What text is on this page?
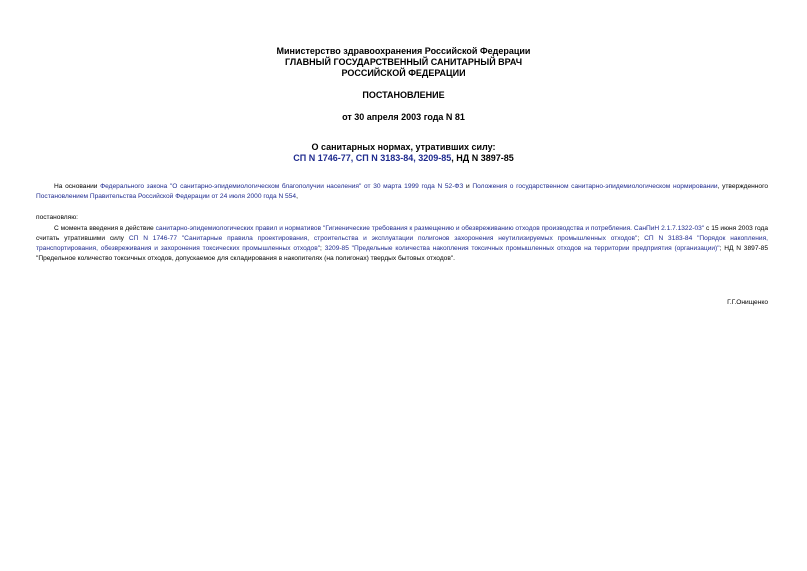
Министерство здравоохранения Российской Федерации
ГЛАВНЫЙ ГОСУДАРСТВЕННЫЙ САНИТАРНЫЙ ВРАЧ
РОССИЙСКОЙ ФЕДЕРАЦИИ
ПОСТАНОВЛЕНИЕ
от 30 апреля 2003 года N 81
О санитарных нормах, утративших силу:
СП N 1746-77, СП N 3183-84, 3209-85, НД N 3897-85
На основании Федерального закона "О санитарно-эпидемиологическом благополучии населения" от 30 марта 1999 года N 52-ФЗ и Положения о государственном санитарно-эпидемиологическом нормировании, утвержденного Постановлением Правительства Российской Федерации от 24 июля 2000 года N 554,
постановляю:
С момента введения в действие санитарно-эпидемиологических правил и нормативов "Гигиенические требования к размещению и обезвреживанию отходов производства и потребления. СанПиН 2.1.7.1322-03" с 15 июня 2003 года считать утратившими силу СП N 1746-77 "Санитарные правила проектирования, строительства и эксплуатации полигонов захоронения неутилизируемых промышленных отходов"; СП N 3183-84 "Порядок накопления, транспортирования, обезвреживания и захоронения токсических промышленных отходов"; 3209-85 "Предельные количества накопления токсичных промышленных отходов на территории предприятия (организации)"; НД N 3897-85 "Предельное количество токсичных отходов, допускаемое для складирования в накопителях (на полигонах) твердых бытовых отходов".
Г.Г.Онищенко
